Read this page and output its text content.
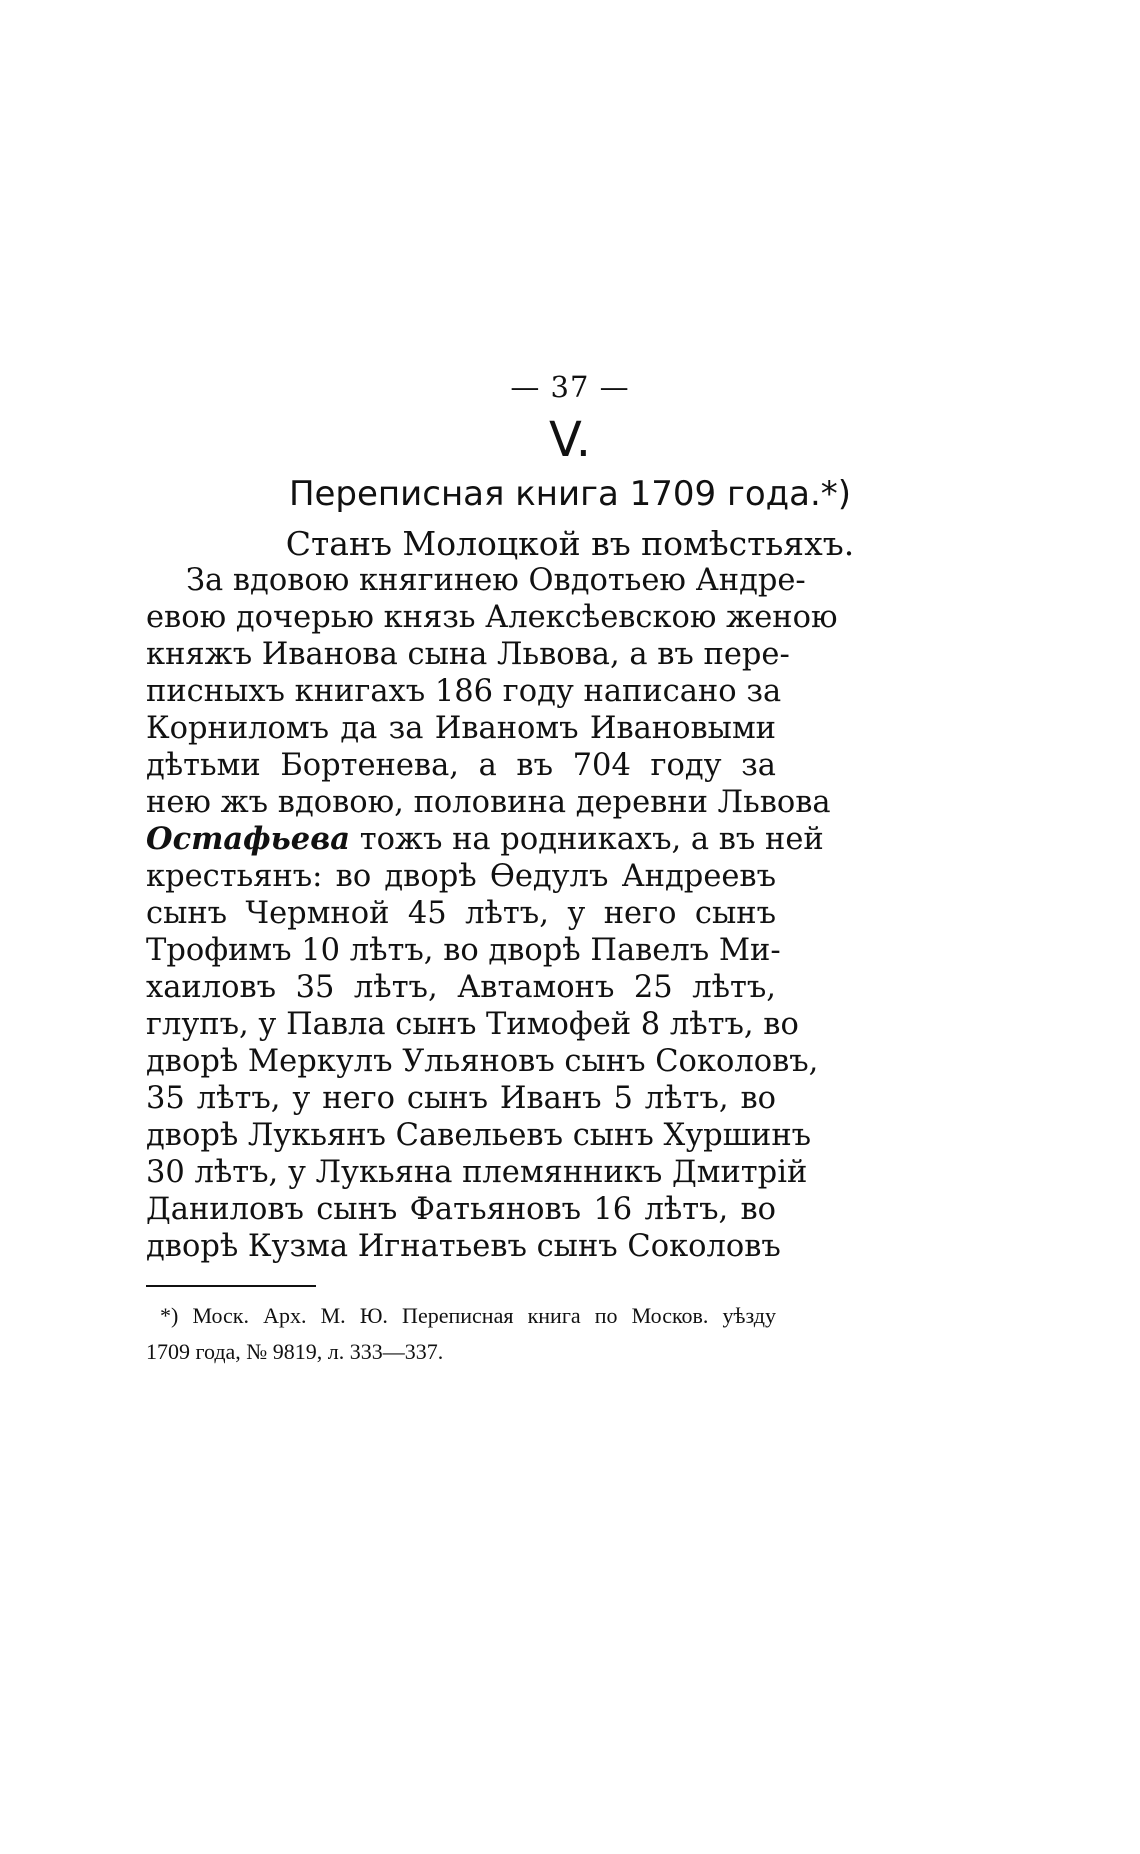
— 37 —
V.
Переписная книга 1709 года.*)
Станъ Молоцкой въ помѣстьяхъ.
За вдовою княгинею Овдотьею Андре-
евою дочерью князь Алексѣевскою женою
княжъ Иванова сына Львова, а въ пере-
писныхъ книгахъ 186 году написано за
Корниломъ да за Иваномъ Ивановыми
дѣтьми Бортенева, а въ 704 году за
нею жъ вдовою, половина деревни Львова
Остафьева тожъ на родникахъ, а въ ней
крестьянъ: во дворѣ Ѳедулъ Андреевъ
сынъ Чермной 45 лѣтъ, у него сынъ
Трофимъ 10 лѣтъ, во дворѣ Павелъ Ми-
хаиловъ 35 лѣтъ, Автамонъ 25 лѣтъ,
глупъ, у Павла сынъ Тимофей 8 лѣтъ, во
дворѣ Меркулъ Ульяновъ сынъ Соколовъ,
35 лѣтъ, у него сынъ Иванъ 5 лѣтъ, во
дворѣ Лукьянъ Савельевъ сынъ Хуршинъ
30 лѣтъ, у Лукьяна племянникъ Дмитрій
Даниловъ сынъ Фатьяновъ 16 лѣтъ, во
дворѣ Кузма Игнатьевъ сынъ Соколовъ
*) Моск. Арх. М. Ю. Переписная книга по Москов. уѣзду
1709 года, № 9819, л. 333—337.
